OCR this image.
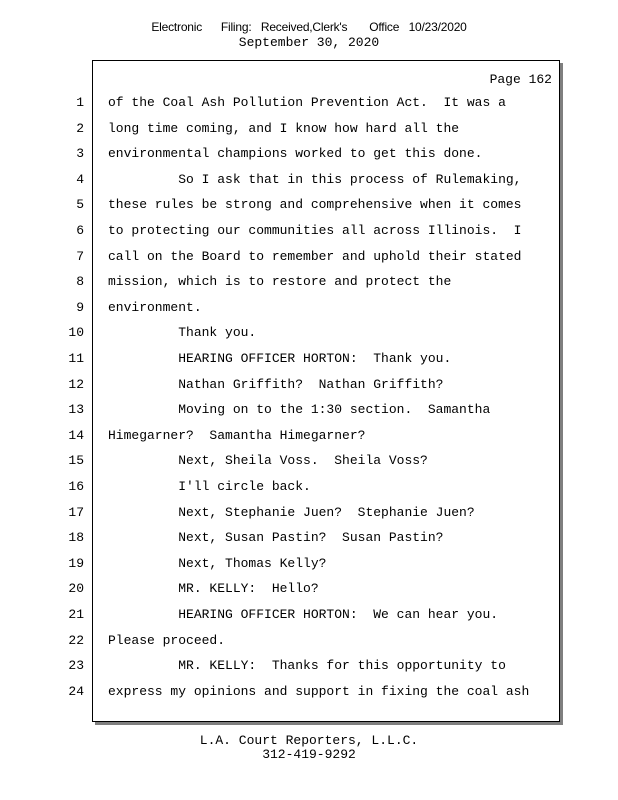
Electronic      Filing:   Received,Clerk's       Office   10/23/2020
September 30, 2020
Page 162
1 of the Coal Ash Pollution Prevention Act.  It was a
2 long time coming, and I know how hard all the
3 environmental champions worked to get this done.
4 So I ask that in this process of Rulemaking,
5 these rules be strong and comprehensive when it comes
6 to protecting our communities all across Illinois.  I
7 call on the Board to remember and uphold their stated
8 mission, which is to restore and protect the
9 environment.
10 Thank you.
11 HEARING OFFICER HORTON:  Thank you.
12 Nathan Griffith?  Nathan Griffith?
13 Moving on to the 1:30 section.  Samantha
14 Himegarner?  Samantha Himegarner?
15 Next, Sheila Voss.  Sheila Voss?
16 I'll circle back.
17 Next, Stephanie Juen?  Stephanie Juen?
18 Next, Susan Pastin?  Susan Pastin?
19 Next, Thomas Kelly?
20 MR. KELLY:  Hello?
21 HEARING OFFICER HORTON:  We can hear you.
22 Please proceed.
23 MR. KELLY:  Thanks for this opportunity to
24 express my opinions and support in fixing the coal ash
L.A. Court Reporters, L.L.C.
312-419-9292
